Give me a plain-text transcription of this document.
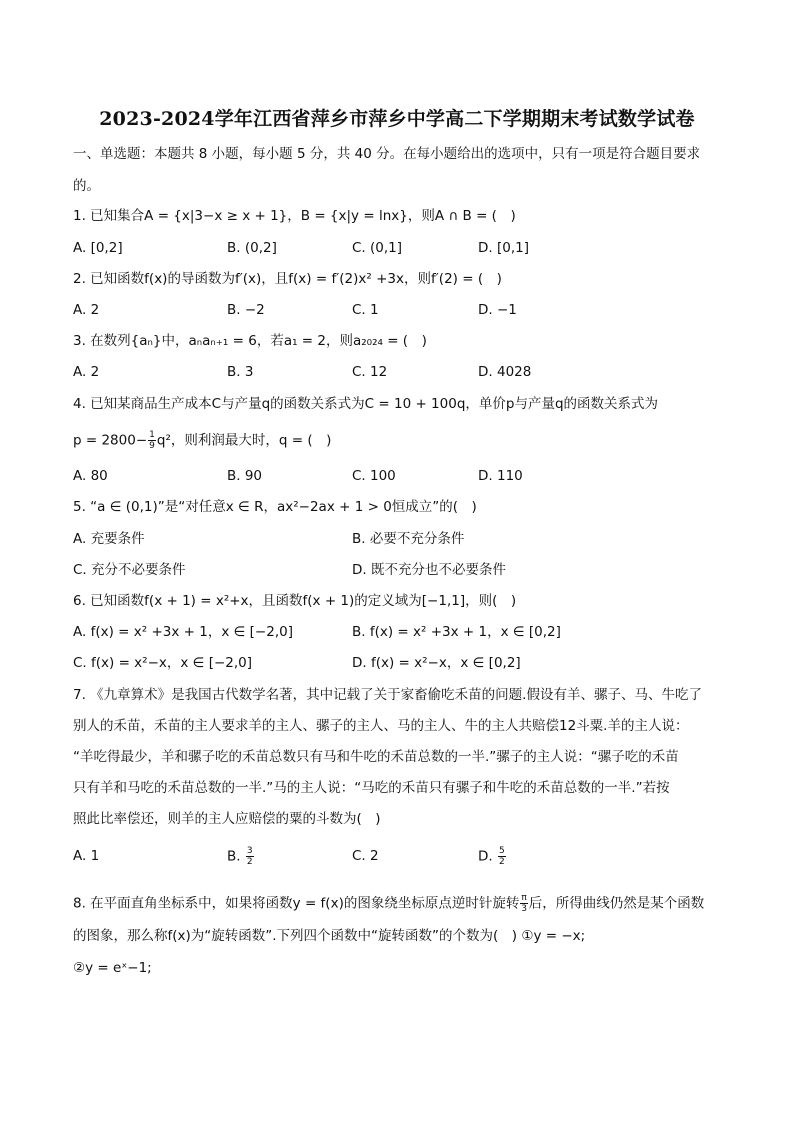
2023-2024学年江西省萍乡市萍乡中学高二下学期期末考试数学试卷
一、单选题：本题共 8 小题，每小题 5 分，共 40 分。在每小题给出的选项中，只有一项是符合题目要求
的。
1. 已知集合A = {x|3−x ≥ x + 1}，B = {x|y = lnx}，则A ∩ B = (　)
A. [0,2]	B. (0,2]	C. (0,1]	D. [0,1]
2. 已知函数f(x)的导函数为f′(x)，且f(x) = f′(2)x² +3x，则f′(2) = (　)
A. 2	B. −2	C. 1	D. −1
3. 在数列{aₙ}中，aₙaₙ₊₁ = 6，若a₁ = 2，则a₂₀₂₄ = (　)
A. 2	B. 3	C. 12	D. 4028
4. 已知某商品生产成本C与产量q的函数关系式为C = 10 + 100q，单价p与产量q的函数关系式为
$p = 2800- \frac{1}{9} q^2$，则利润最大时，q = (　)
A. 80	B. 90	C. 100	D. 110
5. “a ∈ (0,1)”是“对任意x ∈ R，ax²−2ax + 1 > 0恒成立”的(　)
A. 充要条件	B. 必要不充分条件
C. 充分不必要条件	D. 既不充分也不必要条件
6. 已知函数f(x + 1) = x²+x，且函数f(x + 1)的定义域为[−1,1]，则(　)
A. f(x) = x² +3x + 1，x ∈ [−2,0]	B. f(x) = x² +3x + 1，x ∈ [0,2]
C. f(x) = x²−x，x ∈ [−2,0]	D. f(x) = x²−x，x ∈ [0,2]
7. 《九章算术》是我国古代数学名著，其中记载了关于家畜偷吃禾苗的问题.假设有羊、骡子、马、牛吃了
别人的禾苗，禾苗的主人要求羊的主人、骡子的主人、马的主人、牛的主人共赔偿12斗粟.羊的主人说：
“羊吃得最少，羊和骡子吃的禾苗总数只有马和牛吃的禾苗总数的一半.”骡子的主人说：“骡子吃的禾苗
只有羊和马吃的禾苗总数的一半.”马的主人说：“马吃的禾苗只有骡子和牛吃的禾苗总数的一半.”若按
照此比率偿还，则羊的主人应赔偿的粟的斗数为(　)
A. 1	B. $\frac{3}{2}$	C. 2	D. $\frac{5}{2}$
8. 在平面直角坐标系中，如果将函数y = f(x)的图象绕坐标原点逆时针旋转 $\frac{\pi}{3}$ 后，所得曲线仍然是某个函数
的图象，那么称f(x)为“旋转函数”.下列四个函数中“旋转函数”的个数为(　) ①y = −x;
②y = eˣ−1;
